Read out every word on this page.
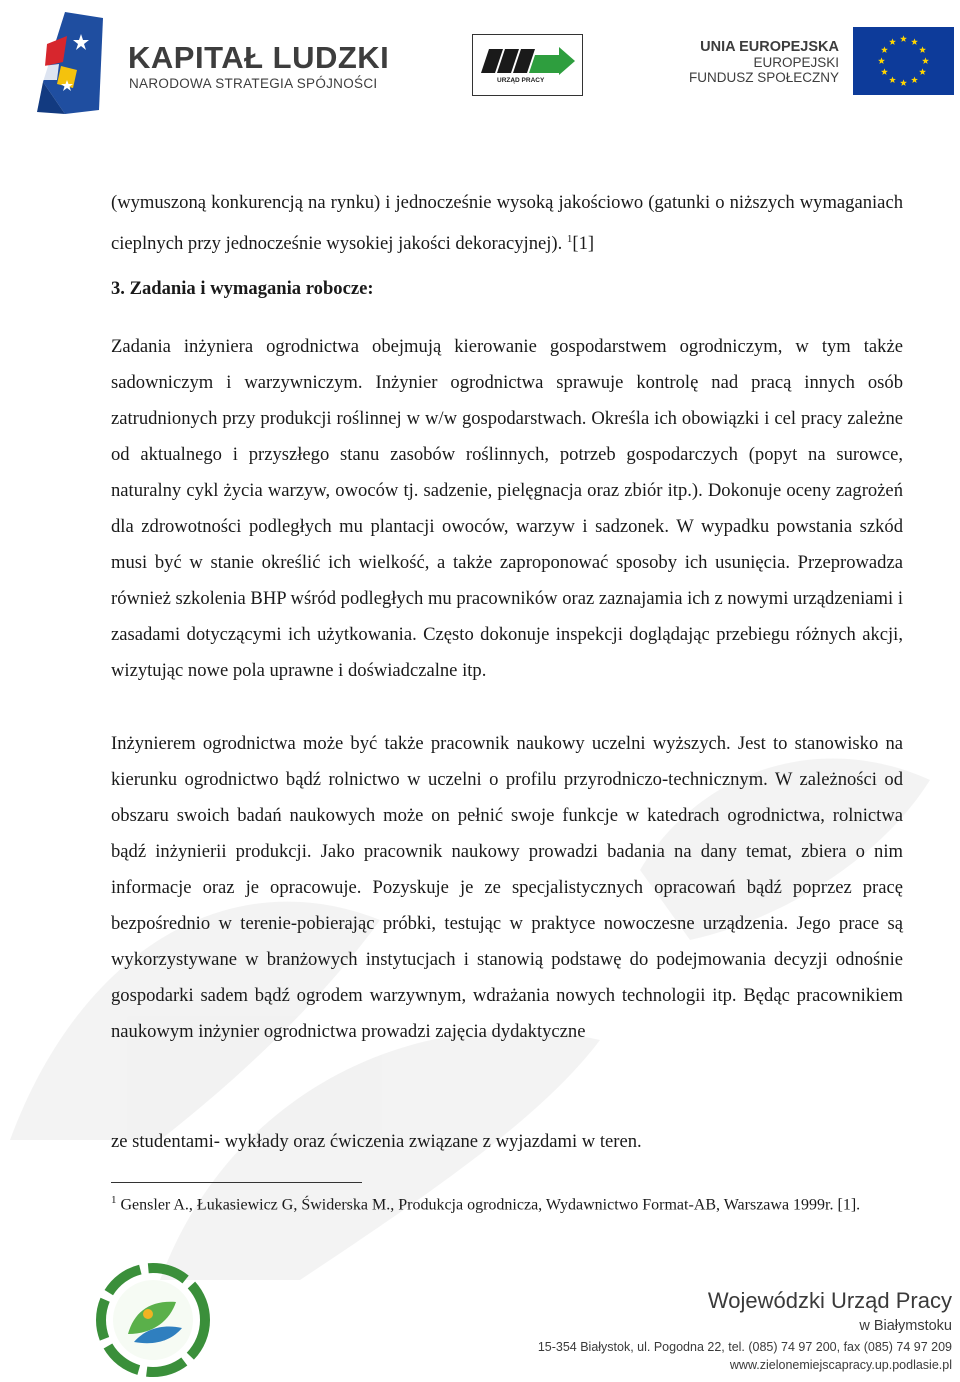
KAPITAŁ LUDZKI
NARODOWA STRATEGIA SPÓJNOŚCI	URZĄD PRACY
UNIA EUROPEJSKA
EUROPEJSKI
FUNDUSZ SPOŁECZNY

(wymuszoną konkurencją na rynku) i jednocześnie wysoką jakościowo (gatunki o niższych wymaganiach cieplnych przy jednocześnie wysokiej jakości dekoracyjnej). $^1$[1]

3. Zadania i wymagania robocze:

Zadania inżyniera ogrodnictwa obejmują kierowanie gospodarstwem ogrodniczym, w tym także sadowniczym i warzywniczym. Inżynier ogrodnictwa sprawuje kontrolę nad pracą innych osób zatrudnionych przy produkcji roślinnej w w/w gospodarstwach. Określa ich obowiązki i cel pracy zależne od aktualnego i przyszłego stanu zasobów roślinnych, potrzeb gospodarczych (popyt na surowce, naturalny cykl życia warzyw, owoców tj. sadzenie, pielęgnacja oraz zbiór itp.). Dokonuje oceny zagrożeń dla zdrowotności podległych mu plantacji owoców, warzyw i sadzonek. W wypadku powstania szkód musi być w stanie określić ich wielkość, a także zaproponować sposoby ich usunięcia. Przeprowadza również szkolenia BHP wśród podległych mu pracowników oraz zaznajamia ich z nowymi urządzeniami i zasadami dotyczącymi ich użytkowania. Często dokonuje inspekcji doglądając przebiegu różnych akcji, wizytując nowe pola uprawne i doświadczalne itp.

Inżynierem ogrodnictwa może być także pracownik naukowy uczelni wyższych. Jest to stanowisko na kierunku ogrodnictwo bądź rolnictwo w uczelni o profilu przyrodniczo-technicznym. W zależności od obszaru swoich badań naukowych może on pełnić swoje funkcje w katedrach ogrodnictwa, rolnictwa bądź inżynierii produkcji. Jako pracownik naukowy prowadzi badania na dany temat, zbiera o nim informacje oraz je opracowuje. Pozyskuje je ze specjalistycznych opracowań bądź poprzez pracę bezpośrednio w terenie-pobierając próbki, testując w praktyce nowoczesne urządzenia. Jego prace są wykorzystywane w branżowych instytucjach i stanowią podstawę do podejmowania decyzji odnośnie gospodarki sadem bądź ogrodem warzywnym, wdrażania nowych technologii itp. Będąc pracownikiem naukowym inżynier ogrodnictwa prowadzi zajęcia dydaktyczne

ze studentami- wykłady oraz ćwiczenia związane z wyjazdami w teren.

$^1$ Gensler A., Łukasiewicz G, Świderska M., Produkcja ogrodnicza, Wydawnictwo Format-AB, Warszawa 1999r. [1].

Wojewódzki Urząd Pracy
w Białymstoku
15-354 Białystok, ul. Pogodna 22, tel. (085) 74 97 200, fax (085) 74 97 209
www.zielonemiejscapracy.up.podlasie.pl
